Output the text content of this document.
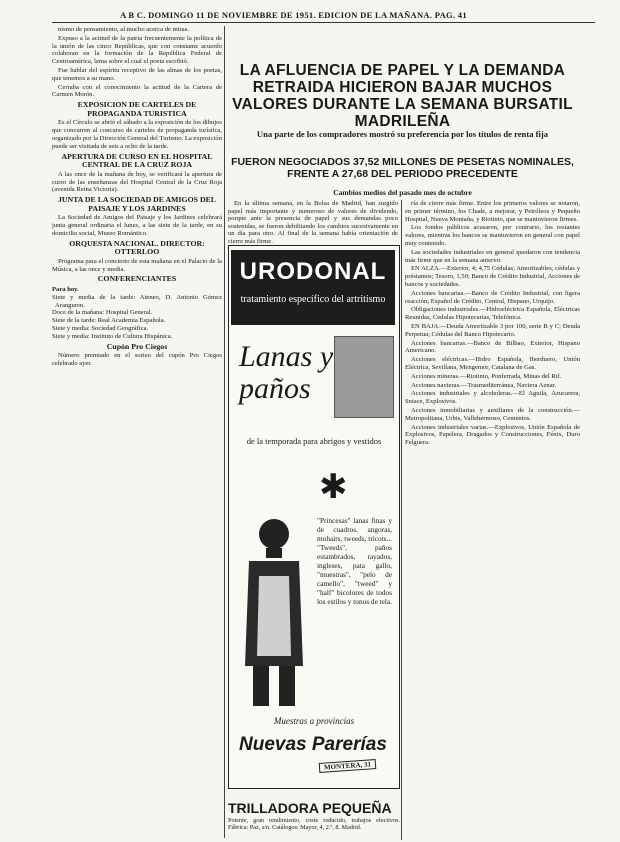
A B C. DOMINGO 11 DE NOVIEMBRE DE 1951. EDICION DE LA MAÑANA. PAG. 41

nismo de pensamiento, al mucho acerca de miras.

Expuso a la actitud de la patria frecuentemente la política de la unión de las cinco Repúblicas, que con constante acuerdo colaboran en la formación de la República Federal de Centroamérica, lema sobre el cual el poeta escribió.

Fue hablar del espíritu receptivo de las almas de los poetas, que tenemos a su mano.

Cerraba con el conocimiento la actitud de la Cartera de Carmen Morón.

EXPOSICION DE CARTELES DE PROPAGANDA TURISTICA

Es el Círculo se abrió el sábado a la exposición de los dibujos que concurren al concurso de carteles de propaganda turística, organizado por la Dirección General del Turismo. La exposición puede ser visitada de seis a ocho de la tarde.

APERTURA DE CURSO EN EL HOSPITAL CENTRAL DE LA CRUZ ROJA

A las once de la mañana de hoy, se verificará la apertura de curso de las enseñanzas del Hospital Central de la Cruz Roja (avenida Reina Victoria).

JUNTA DE LA SOCIEDAD DE AMIGOS DEL PAISAJE Y LOS JARDINES

La Sociedad de Amigos del Paisaje y los Jardines celebrará junta general ordinaria el lunes, a las siete de la tarde, en su domicilio social, Museo Romántico.

ORQUESTA NACIONAL. DIRECTOR: OTTERLOO

Programa para el concierto de esta mañana en el Palacio de la Música, a las once y media.

CONFERENCIANTES
Para hoy.

Siete y media de la tarde: Ateneo, D. Antonio Gómez Aranguren.

Doce de la mañana: Hospital General.

Siete de la tarde: Real Academia Española.

Siete y media: Sociedad Geográfica.

Siete y media: Instituto de Cultura Hispánica.

Cupón Pro Ciegos

Número premiado en el sorteo del cupón Pro Ciegos celebrado ayer.

LA AFLUENCIA DE PAPEL Y LA DEMANDA RETRAIDA HICIERON BAJAR MUCHOS VALORES DURANTE LA SEMANA BURSATIL MADRILEÑA
Una parte de los compradores mostró su preferencia por los títulos de renta fija
FUERON NEGOCIADOS 37,52 MILLONES DE PESETAS NOMINALES, FRENTE A 27,68 DEL PERIODO PRECEDENTE
Cambios medios del pasado mes de octubre

En la última semana, en la Bolsa de Madrid, han surgido papel más importante y numeroso de valores de dividendo, porque ante la presencia de papel y sus demandas poco sostenidas, se fueron debilitando los cambios sucesivamente en un día para otro. Al final de la semana había orientación de cierre más firme.

ría de cierre más firme. Entre los primeros valores se notaron, en primer término, los Chade, a mejorar, y Petróleos y Pequeño Hospital, Nueva Montaña, y Riotinto, que se mantuvieron firmes.

Los fondos públicos acusaron, por contrario, los restantes valores, mientras los bancos se mantuvieron en general con papel muy contenido.

Las sociedades industriales en general quedaron con tendencia más firme que en la semana anterior.

EN ALZA.—Exterior, 4; 4,75 Cédulas; Amortizables, cédulas y préstamos; Tesoro, 1,50; Banco de Crédito Industrial, Acciones de bancos y sociedades.

Acciones bancarias.—Banco de Crédito Industrial, con ligera reacción; Español de Crédito, Central, Hispano, Urquijo.

Obligaciones industriales.—Hidroeléctrica Española, Eléctricas Reunidas, Cedulas Hipotecarias, Telefónica.

EN BAJA.—Deuda Amortizable 3 por 100, serie B y C; Deuda Perpetua; Cédulas del Banco Hipotecario.

Acciones bancarias.—Banco de Bilbao, Exterior, Hispano Americano.

Acciones eléctricas.—Hidro Española, Iberduero, Unión Eléctrica, Sevillana, Mengemor, Catalana de Gas.

Acciones mineras.—Riotinto, Ponferrada, Minas del Rif.

Acciones navieras.—Trasmediterránea, Naviera Aznar.

Acciones industriales y alcoholeras.—El Aguila, Azucarera, Sniace, Explosivos.

Acciones inmobiliarias y auxiliares de la construcción.—Metropolitana, Urbis, Vallehermoso, Cementos.

Acciones industriales varias.—Explosivos, Unión Española de Explosivos, Papelera, Dragados y Construcciones, Fénix, Duro Felguera.

URODONAL
tratamiento específico del artritismo
Lanas y paños
de la temporada para abrigos y vestidos
✱
"Princesas" lanas finas y de cuadros, angoras, mohairs, tweeds, tricots... "Tweeds", paños estambrados, rayados, ingleses, pata gallo, "muestras", "pelo de camello", "tweed" y "half" bicolores de todos los estilos y tonos de tela.
Muestras a provincias
Nuevas Parerías
MONTERA, 31
TRILLADORA PEQUEÑA
Potente, gran rendimiento, coste reducido, trabajos efectivos. Fábrica: Paz, s/n. Catálogos: Mayor, 4, 2.º, 8. Madrid.
